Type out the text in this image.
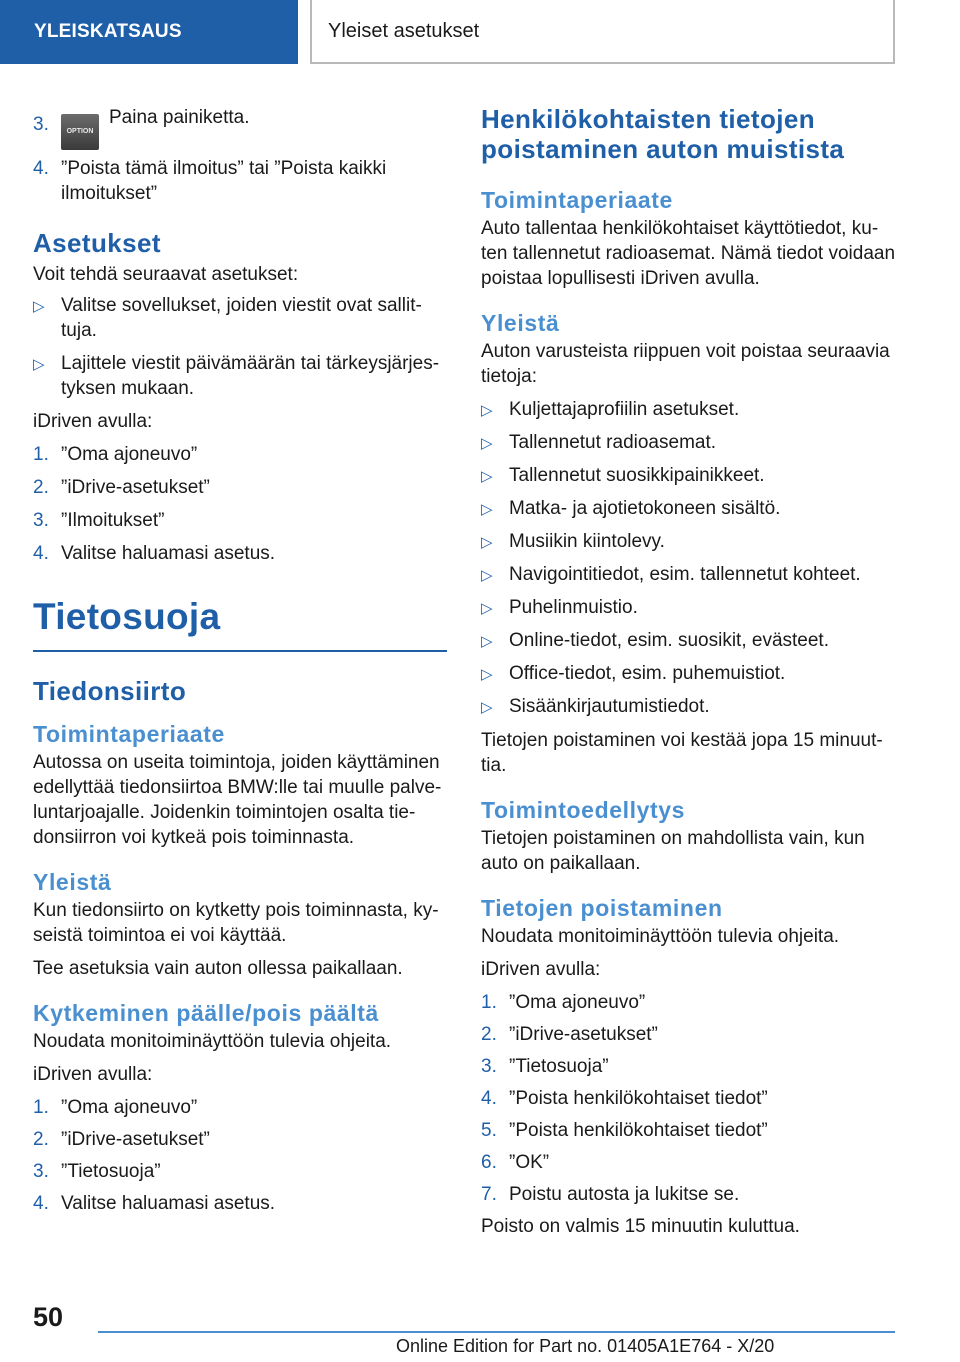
YLEISKATSAUS	Yleiset asetukset
3.	OPTIONPaina painiketta.
4. ”Poista tämä ilmoitus” tai ”Poista kaikki ilmoitukset”
Asetukset

Voit tehdä seuraavat asetukset:

▷ Valitse sovellukset, joiden viestit ovat sallittuja.
▷ Lajittele viestit päivämäärän tai tärkeysjärjestyksen mukaan.

iDriven avulla:

1. ”Oma ajoneuvo”
2. ”iDrive-asetukset”
3. ”Ilmoitukset”
4. Valitse haluamasi asetus.
Tietosuoja
Tiedonsiirto
Toimintaperiaate

Autossa on useita toimintoja, joiden käyttäminen edellyttää tiedonsiirtoa BMW:lle tai muulle palveluntarjoajalle. Joidenkin toimintojen osalta tiedonsiirron voi kytkeä pois toiminnasta.

Yleistä

Kun tiedonsiirto on kytketty pois toiminnasta, kyseistä toimintoa ei voi käyttää.

Tee asetuksia vain auton ollessa paikallaan.

Kytkeminen päälle/pois päältä

Noudata monitoiminäyttöön tulevia ohjeita.

iDriven avulla:

1. ”Oma ajoneuvo”
2. ”iDrive-asetukset”
3. ”Tietosuoja”
4. Valitse haluamasi asetus.
Henkilökohtaisten tietojen poistaminen auton muistista
Toimintaperiaate

Auto tallentaa henkilökohtaiset käyttötiedot, kuten tallennetut radioasemat. Nämä tiedot voidaan poistaa lopullisesti iDriven avulla.

Yleistä

Auton varusteista riippuen voit poistaa seuraavia tietoja:

▷ Kuljettajaprofiilin asetukset.
▷ Tallennetut radioasemat.
▷ Tallennetut suosikkipainikkeet.
▷ Matka- ja ajotietokoneen sisältö.
▷ Musiikin kiintolevy.
▷ Navigointitiedot, esim. tallennetut kohteet.
▷ Puhelinmuistio.
▷ Online-tiedot, esim. suosikit, evästeet.
▷ Office-tiedot, esim. puhemuistiot.
▷ Sisäänkirjautumistiedot.

Tietojen poistaminen voi kestää jopa 15 minuuttia.

Toimintoedellytys

Tietojen poistaminen on mahdollista vain, kun auto on paikallaan.

Tietojen poistaminen

Noudata monitoiminäyttöön tulevia ohjeita.

iDriven avulla:

1. ”Oma ajoneuvo”
2. ”iDrive-asetukset”
3. ”Tietosuoja”
4. ”Poista henkilökohtaiset tiedot”
5. ”Poista henkilökohtaiset tiedot”
6. ”OK”
7. Poistu autosta ja lukitse se.

Poisto on valmis 15 minuutin kuluttua.

50
Online Edition for Part no. 01405A1E764 - X/20
